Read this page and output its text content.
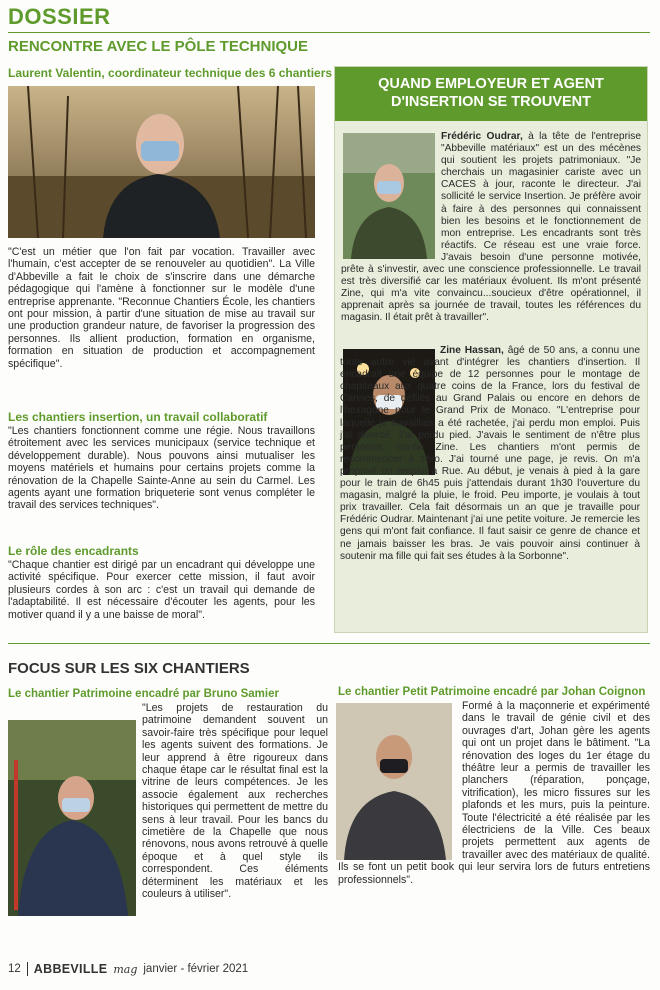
DOSSIER
RENCONTRE AVEC LE PÔLE TECHNIQUE
Laurent Valentin, coordinateur technique des 6 chantiers

"C'est un métier que l'on fait par vocation. Travailler avec l'humain, c'est accepter de se renouveler au quotidien". La Ville d'Abbeville a fait le choix de s'inscrire dans une démarche pédagogique qui l'amène à fonctionner sur le modèle d'une entreprise apprenante. "Reconnue Chantiers École, les chantiers ont pour mission, à partir d'une situation de mise au travail sur une production grandeur nature, de favoriser la progression des personnes. Ils allient production, formation en organisme, formation en situation de production et accompagnement spécifique".

Les chantiers insertion, un travail collaboratif

"Les chantiers fonctionnent comme une régie. Nous travaillons étroitement avec les services municipaux (service technique et développement durable). Nous pouvons ainsi mutualiser les moyens matériels et humains pour certains projets comme la rénovation de la Chapelle Sainte-Anne au sein du Carmel. Les agents ayant une formation briqueterie sont venus compléter le travail des services techniques".

Le rôle des encadrants

"Chaque chantier est dirigé par un encadrant qui développe une activité spécifique. Pour exercer cette mission, il faut avoir plusieurs cordes à son arc : c'est un travail qui demande de l'adaptabilité. Il est nécessaire d'écouter les agents, pour les motiver quand il y a une baisse de moral".

QUAND EMPLOYEUR ET AGENT
D'INSERTION SE TROUVENT

Frédéric Oudrar, à la tête de l'entreprise "Abbeville matériaux" est un des mécènes qui soutient les projets patrimoniaux. "Je cherchais un magasinier cariste avec un CACES à jour, raconte le directeur. J'ai sollicité le service Insertion. Je préfère avoir à faire à des personnes qui connaissent bien les besoins et le fonctionnement de mon entreprise. Les encadrants sont très réactifs. Ce réseau est une vraie force. J'avais besoin d'une personne motivée, prête à s'investir, avec une conscience professionnelle. Le travail est très diversifié car les matériaux évoluent. Ils m'ont présenté Zine, qui m'a vite convaincu...soucieux d'être opérationnel, il apprenait après sa journée de travail, toutes les références du magasin. Il était prêt à travailler".

Zine Hassan, âgé de 50 ans, a connu une toute autre vie avant d'intégrer les chantiers d'insertion. Il encadrait une équipe de 12 personnes pour le montage de chapiteaux aux quatre coins de la France, lors du festival de Cannes, de défilés au Grand Palais ou encore en dehors de l'hexagone pour le Grand Prix de Monaco. "L'entreprise pour laquelle je travaillais a été rachetée, j'ai perdu mon emploi. Puis j'ai divorcé. J'ai perdu pied. J'avais le sentiment de n'être plus personne, confie Zine. Les chantiers m'ont permis de recommencer à zéro. J'ai tourné une page, je revis. On m'a proposé un emploi à Rue. Au début, je venais à pied à la gare pour le train de 6h45 puis j'attendais durant 1h30 l'ouverture du magasin, malgré la pluie, le froid. Peu importe, je voulais à tout prix travailler. Cela fait désormais un an que je travaille pour Frédéric Oudrar. Maintenant j'ai une petite voiture. Je remercie les gens qui m'ont fait confiance. Il faut saisir ce genre de chance et ne jamais baisser les bras. Je vais pouvoir ainsi continuer à soutenir ma fille qui fait ses études à la Sorbonne".

FOCUS SUR LES SIX CHANTIERS
Le chantier Patrimoine encadré par Bruno Samier

"Les projets de restauration du patrimoine demandent souvent un savoir-faire très spécifique pour lequel les agents suivent des formations. Je leur apprend à être rigoureux dans chaque étape car le résultat final est la vitrine de leurs compétences. Je les associe également aux recherches historiques qui permettent de mettre du sens à leur travail. Pour les bancs du cimetière de la Chapelle que nous rénovons, nous avons retrouvé à quelle époque et à quel style ils correspondent. Ces éléments déterminent les matériaux et les couleurs à utiliser".

Le chantier Petit Patrimoine encadré par Johan Coignon

Formé à la maçonnerie et expérimenté dans le travail de génie civil et des ouvrages d'art, Johan gère les agents qui ont un projet dans le bâtiment. "La rénovation des loges du 1er étage du théâtre leur a permis de travailler les planchers (réparation, ponçage, vitrification), les micro fissures sur les plafonds et les murs, puis la peinture. Toute l'électricité a été réalisée par les électriciens de la Ville. Ces beaux projets permettent aux agents de travailler avec des matériaux de qualité. Ils se font un petit book qui leur servira lors de futurs entretiens professionnels".

12 ABBEVILLE mag janvier - février 2021
